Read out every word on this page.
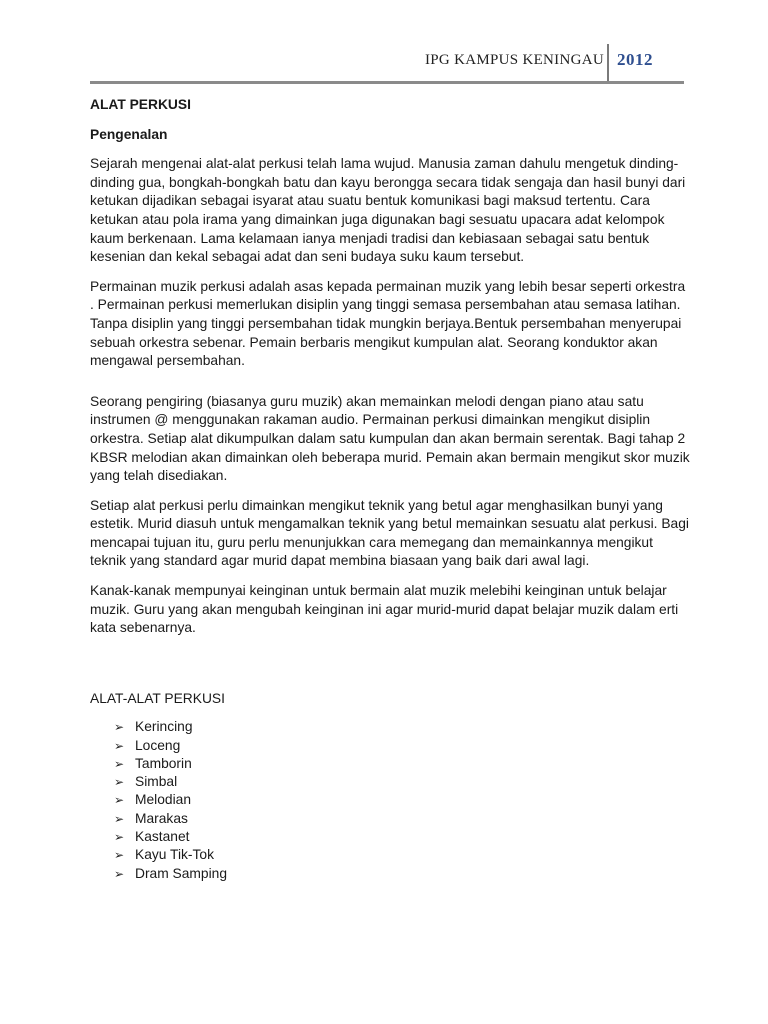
IPG KAMPUS KENINGAU 2012

ALAT PERKUSI

Pengenalan

Sejarah mengenai alat-alat perkusi telah lama wujud. Manusia zaman dahulu mengetuk dinding-dinding gua, bongkah-bongkah batu dan kayu berongga secara tidak sengaja dan hasil bunyi dari ketukan dijadikan sebagai isyarat atau suatu bentuk komunikasi bagi maksud tertentu. Cara ketukan atau pola irama yang dimainkan juga digunakan bagi sesuatu upacara adat kelompok kaum berkenaan. Lama kelamaan ianya menjadi tradisi dan kebiasaan sebagai satu bentuk kesenian dan kekal sebagai adat dan seni budaya suku kaum tersebut.

Permainan muzik perkusi adalah asas kepada permainan muzik yang lebih besar seperti orkestra . Permainan perkusi memerlukan disiplin yang tinggi semasa persembahan atau semasa latihan. Tanpa disiplin yang tinggi persembahan tidak mungkin berjaya.Bentuk persembahan menyerupai sebuah orkestra sebenar. Pemain berbaris mengikut kumpulan alat. Seorang konduktor akan mengawal persembahan.

Seorang pengiring (biasanya guru muzik) akan memainkan melodi dengan piano atau satu instrumen @ menggunakan rakaman audio. Permainan perkusi dimainkan mengikut disiplin orkestra. Setiap alat dikumpulkan dalam satu kumpulan dan akan bermain serentak. Bagi tahap 2 KBSR melodian akan dimainkan oleh beberapa murid. Pemain akan bermain mengikut skor muzik yang telah disediakan.

Setiap alat perkusi perlu dimainkan mengikut teknik yang betul agar menghasilkan bunyi yang estetik. Murid diasuh untuk mengamalkan teknik yang betul memainkan sesuatu alat perkusi. Bagi mencapai tujuan itu, guru perlu menunjukkan cara memegang dan memainkannya mengikut teknik yang standard agar murid dapat membina biasaan yang baik dari awal lagi.

Kanak-kanak mempunyai keinginan untuk bermain alat muzik melebihi keinginan untuk belajar muzik. Guru yang akan mengubah keinginan ini agar murid-murid dapat belajar muzik dalam erti kata sebenarnya.

ALAT-ALAT PERKUSI

➢ Kerincing
➢ Loceng
➢ Tamborin
➢ Simbal
➢ Melodian
➢ Marakas
➢ Kastanet
➢ Kayu Tik-Tok
➢ Dram Samping
